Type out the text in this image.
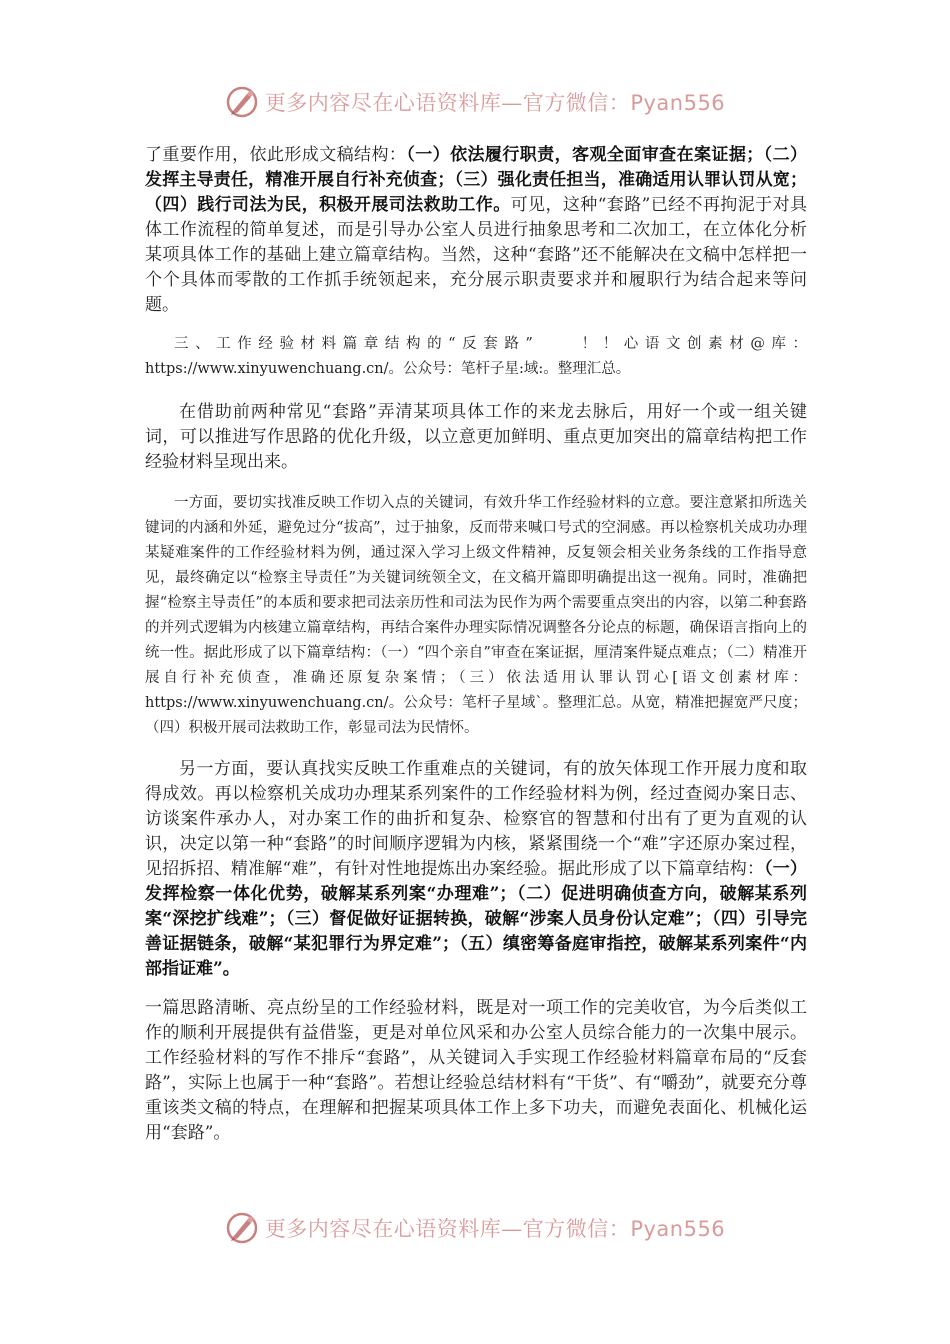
更多内容尽在心语资料库—官方微信：Pyan556

了重要作用，依此形成文稿结构：（一）依法履行职责，客观全面审查在案证据；（二）发挥主导责任，精准开展自行补充侦查；（三）强化责任担当，准确适用认罪认罚从宽；（四）践行司法为民，积极开展司法救助工作。可见，这种“套路”已经不再拘泥于对具体工作流程的简单复述，而是引导办公室人员进行抽象思考和二次加工，在立体化分析某项具体工作的基础上建立篇章结构。当然，这种“套路”还不能解决在文稿中怎样把一个个具体而零散的工作抓手统领起来，充分展示职责要求并和履职行为结合起来等问题。

三、工作经验材料篇章结构的“反套路”　　！！心语文创素材@库：https://www.xinyuwenchuang.cn/。公众号：笔杆子星:域:。整理汇总。

在借助前两种常见“套路”弄清某项具体工作的来龙去脉后，用好一个或一组关键词，可以推进写作思路的优化升级，以立意更加鲜明、重点更加突出的篇章结构把工作经验材料呈现出来。

一方面，要切实找准反映工作切入点的关键词，有效升华工作经验材料的立意。要注意紧扣所选关键词的内涵和外延，避免过分“拔高”，过于抽象，反而带来喊口号式的空洞感。再以检察机关成功办理某疑难案件的工作经验材料为例，通过深入学习上级文件精神，反复领会相关业务条线的工作指导意见，最终确定以“检察主导责任”为关键词统领全文，在文稿开篇即明确提出这一视角。同时，准确把握“检察主导责任”的本质和要求把司法亲历性和司法为民作为两个需要重点突出的内容，以第二种套路的并列式逻辑为内核建立篇章结构，再结合案件办理实际情况调整各分论点的标题，确保语言指向上的统一性。据此形成了以下篇章结构：（一）“四个亲自”审查在案证据，厘清案件疑点难点；（二）精准开展自行补充侦查，准确还原复杂案情；（三）依法适用认罪认罚心[语文创素材库：https://www.xinyuwenchuang.cn/。公众号：笔杆子星域`。整理汇总。从宽，精准把握宽严尺度；（四）积极开展司法救助工作，彰显司法为民情怀。

另一方面，要认真找实反映工作重难点的关键词，有的放矢体现工作开展力度和取得成效。再以检察机关成功办理某系列案件的工作经验材料为例，经过查阅办案日志、访谈案件承办人，对办案工作的曲折和复杂、检察官的智慧和付出有了更为直观的认识，决定以第一种“套路”的时间顺序逻辑为内核，紧紧围绕一个“难”字还原办案过程，见招拆招、精准解“难”，有针对性地提炼出办案经验。据此形成了以下篇章结构：（一）发挥检察一体化优势，破解某系列案“办理难”；（二）促进明确侦查方向，破解某系列案“深挖扩线难”；（三）督促做好证据转换，破解“涉案人员身份认定难”；（四）引导完善证据链条，破解“某犯罪行为界定难”；（五）缜密筹备庭审指控，破解某系列案件“内部指证难”。

一篇思路清晰、亮点纷呈的工作经验材料，既是对一项工作的完美收官，为今后类似工作的顺利开展提供有益借鉴，更是对单位风采和办公室人员综合能力的一次集中展示。工作经验材料的写作不排斥“套路”，从关键词入手实现工作经验材料篇章布局的“反套路”，实际上也属于一种“套路”。若想让经验总结材料有“干货”、有“嚼劲”，就要充分尊重该类文稿的特点，在理解和把握某项具体工作上多下功夫，而避免表面化、机械化运用“套路”。

更多内容尽在心语资料库—官方微信：Pyan556
